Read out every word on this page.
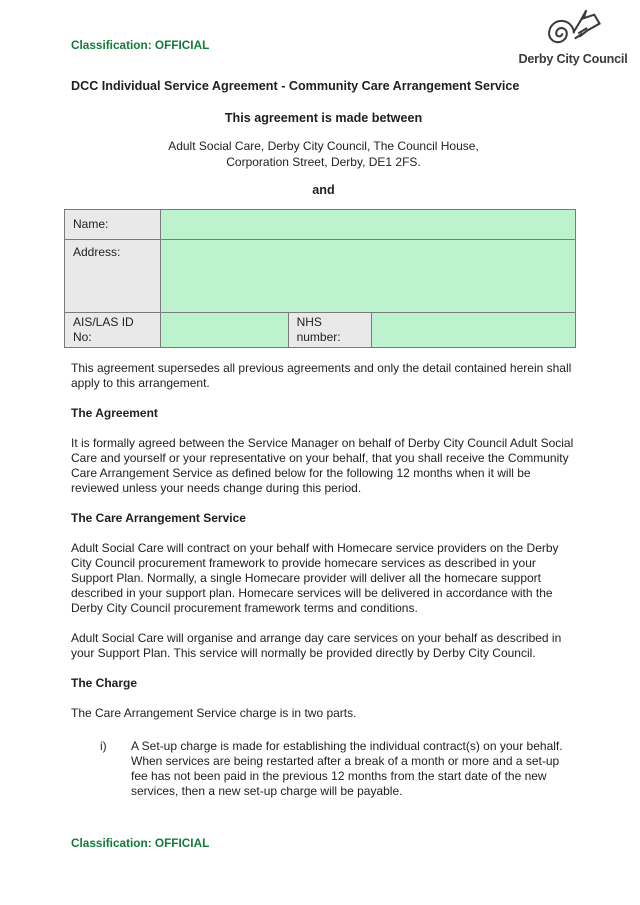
Classification: OFFICIAL
Derby City Council
DCC Individual Service Agreement - Community Care Arrangement Service
This agreement is made between
Adult Social Care, Derby City Council, The Council House,
Corporation Street, Derby, DE1 2FS.
and
Name:			
Address:			
AIS/LAS ID No:		NHS number:	

This agreement supersedes all previous agreements and only the detail contained herein shall apply to this arrangement.

The Agreement

It is formally agreed between the Service Manager on behalf of Derby City Council Adult Social Care and yourself or your representative on your behalf, that you shall receive the Community Care Arrangement Service as defined below for the following 12 months when it will be reviewed unless your needs change during this period.

The Care Arrangement Service

Adult Social Care will contract on your behalf with Homecare service providers on the Derby City Council procurement framework to provide homecare services as described in your Support Plan. Normally, a single Homecare provider will deliver all the homecare support described in your support plan. Homecare services will be delivered in accordance with the Derby City Council procurement framework terms and conditions.

Adult Social Care will organise and arrange day care services on your behalf as described in your Support Plan. This service will normally be provided directly by Derby City Council.

The Charge

The Care Arrangement Service charge is in two parts.

i)	A Set-up charge is made for establishing the individual contract(s) on your behalf. When services are being restarted after a break of a month or more and a set-up fee has not been paid in the previous 12 months from the start date of the new services, then a new set-up charge will be payable.
Classification: OFFICIAL
